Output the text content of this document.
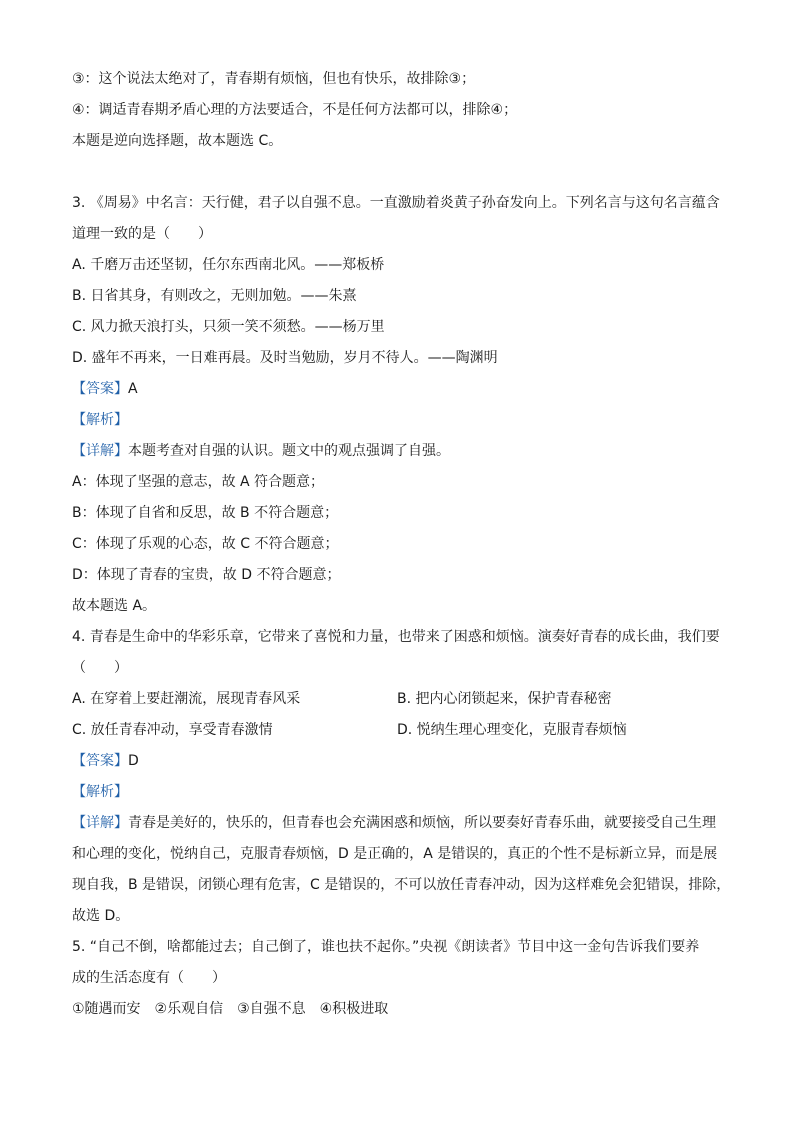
③：这个说法太绝对了，青春期有烦恼，但也有快乐，故排除③；
④：调适青春期矛盾心理的方法要适合，不是任何方法都可以，排除④；
本题是逆向选择题，故本题选 C。
3. 《周易》中名言：天行健，君子以自强不息。一直激励着炎黄子孙奋发向上。下列名言与这句名言蕴含
道理一致的是（　　）
A. 千磨万击还坚韧，任尔东西南北风。——郑板桥
B. 日省其身，有则改之，无则加勉。——朱熹
C. 风力掀天浪打头，只须一笑不须愁。——杨万里
D. 盛年不再来，一日难再晨。及时当勉励，岁月不待人。——陶渊明
【答案】A
【解析】
【详解】本题考查对自强的认识。题文中的观点强调了自强。
A：体现了坚强的意志，故 A 符合题意；
B：体现了自省和反思，故 B 不符合题意；
C：体现了乐观的心态，故 C 不符合题意；
D：体现了青春的宝贵，故 D 不符合题意；
故本题选 A。
4. 青春是生命中的华彩乐章，它带来了喜悦和力量，也带来了困惑和烦恼。演奏好青春的成长曲，我们要
（　　）
A. 在穿着上要赶潮流，展现青春风采	B. 把内心闭锁起来，保护青春秘密
C. 放任青春冲动，享受青春激情	D. 悦纳生理心理变化，克服青春烦恼
【答案】D
【解析】
【详解】青春是美好的，快乐的，但青春也会充满困惑和烦恼，所以要奏好青春乐曲，就要接受自己生理
和心理的变化，悦纳自己，克服青春烦恼，D 是正确的，A 是错误的，真正的个性不是标新立异，而是展
现自我，B 是错误，闭锁心理有危害，C 是错误的，不可以放任青春冲动，因为这样难免会犯错误，排除，
故选 D。
5. “自己不倒，啥都能过去；自己倒了，谁也扶不起你。”央视《朗读者》节目中这一金句告诉我们要养
成的生活态度有（　　）
①随遇而安　②乐观自信　③自强不息　④积极进取
